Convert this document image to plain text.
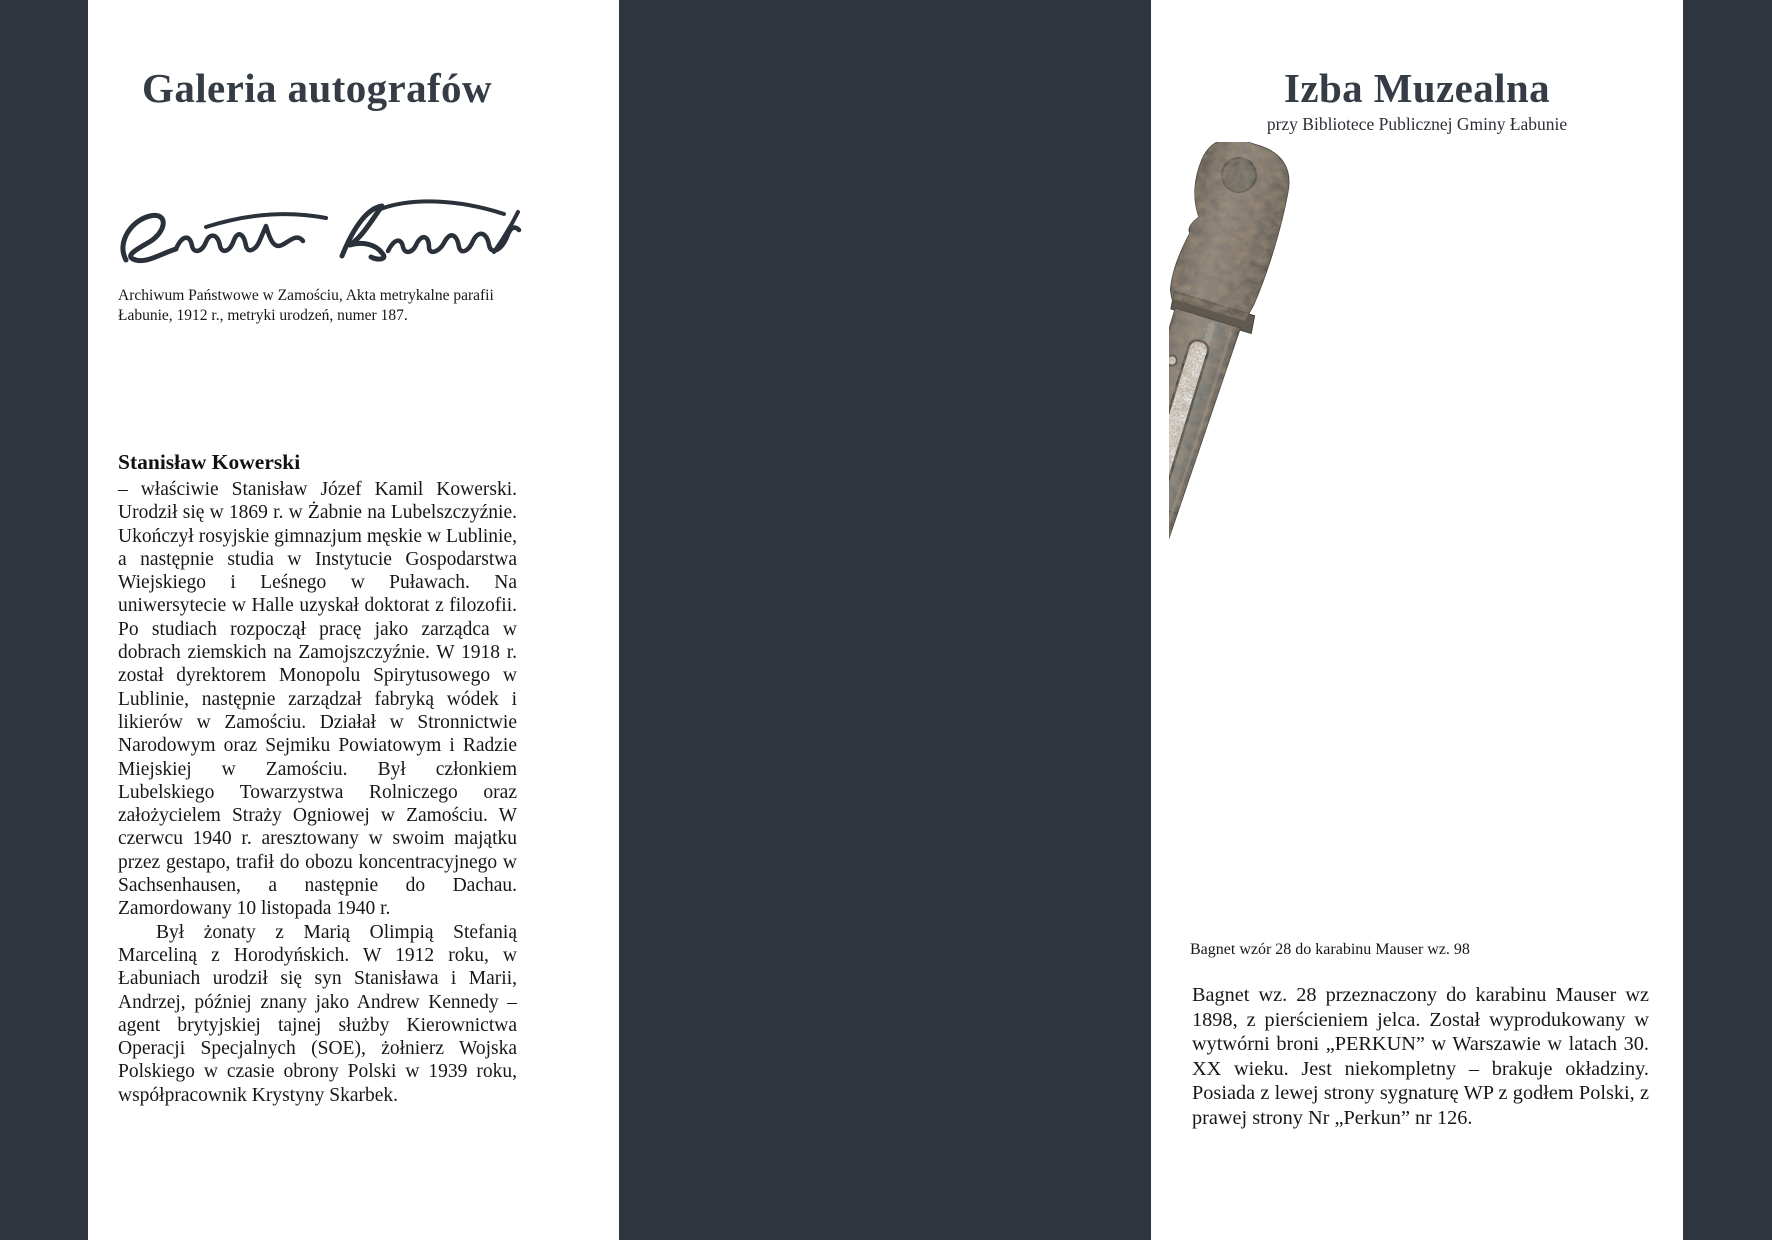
Galeria autografów

Archiwum Państwowe w Zamościu, Akta metrykalne parafii Łabunie, 1912 r., metryki urodzeń, numer 187.

Stanisław Kowerski

– właściwie Stanisław Józef Kamil Kowerski. Urodził się w 1869 r. w Żabnie na Lubelszczyźnie. Ukończył rosyjskie gimnazjum męskie w Lublinie, a następnie studia w Instytucie Gospodarstwa Wiejskiego i Leśnego w Puławach. Na uniwersytecie w Halle uzyskał doktorat z filozofii. Po studiach rozpoczął pracę jako zarządca w dobrach ziemskich na Zamojszczyźnie. W 1918 r. został dyrektorem Monopolu Spirytusowego w Lublinie, następnie zarządzał fabryką wódek i likierów w Zamościu. Działał w Stronnictwie Narodowym oraz Sejmiku Powiatowym i Radzie Miejskiej w Zamościu. Był członkiem Lubelskiego Towarzystwa Rolniczego oraz założycielem Straży Ogniowej w Zamościu. W czerwcu 1940 r. aresztowany w swoim majątku przez gestapo, trafił do obozu koncentracyjnego w Sachsenhausen, a następnie do Dachau. Zamordowany 10 listopada 1940 r.

Był żonaty z Marią Olimpią Stefanią Marceliną z Horodyńskich. W 1912 roku, w Łabuniach urodził się syn Stanisława i Marii, Andrzej, później znany jako Andrew Kennedy – agent brytyjskiej tajnej służby Kierownictwa Operacji Specjalnych (SOE), żołnierz Wojska Polskiego w czasie obrony Polski w 1939 roku, współpracownik Krystyny Skarbek.

Izba Muzealna

przy Bibliotece Publicznej Gminy Łabunie

Bagnet wzór 28 do karabinu Mauser wz. 98

Bagnet wz. 28 przeznaczony do karabinu Mauser wz 1898, z pierścieniem jelca. Został wyprodukowany w wytwórni broni „PERKUN” w Warszawie w latach 30. XX wieku. Jest niekompletny – brakuje okładziny. Posiada z lewej strony sygnaturę WP z godłem Polski, z prawej strony Nr „Perkun” nr 126.
